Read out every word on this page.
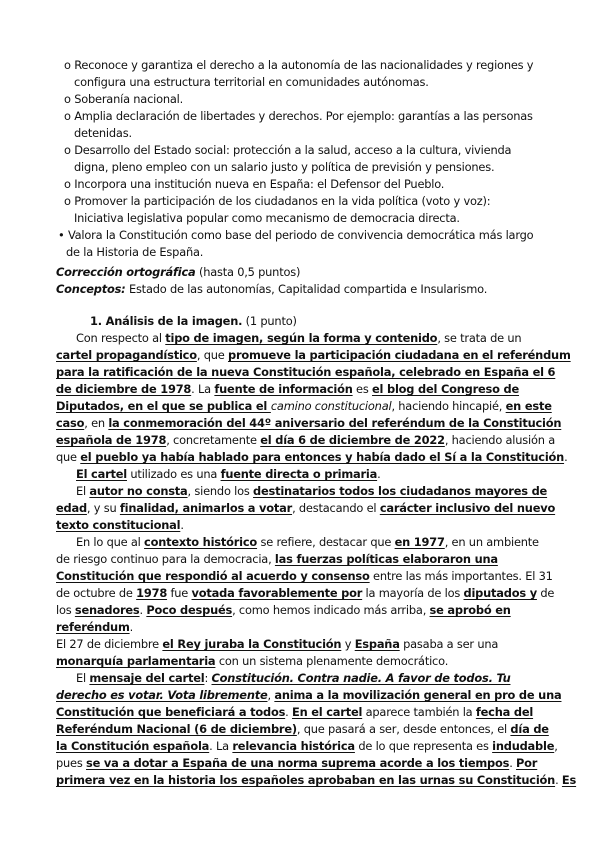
o Reconoce y garantiza el derecho a la autonomía de las nacionalidades y regiones y
configura una estructura territorial en comunidades autónomas.
o Soberanía nacional.
o Amplia declaración de libertades y derechos. Por ejemplo: garantías a las personas
detenidas.
o Desarrollo del Estado social: protección a la salud, acceso a la cultura, vivienda
digna, pleno empleo con un salario justo y política de previsión y pensiones.
o Incorpora una institución nueva en España: el Defensor del Pueblo.
o Promover la participación de los ciudadanos en la vida política (voto y voz):
Iniciativa legislativa popular como mecanismo de democracia directa.
• Valora la Constitución como base del periodo de convivencia democrática más largo
de la Historia de España.
Corrección ortográfica (hasta 0,5 puntos)
Conceptos: Estado de las autonomías, Capitalidad compartida e Insularismo.
1. Análisis de la imagen. (1 punto)
Con respecto al tipo de imagen, según la forma y contenido, se trata de un
cartel propagandístico, que promueve la participación ciudadana en el referéndum
para la ratificación de la nueva Constitución española, celebrado en España el 6
de diciembre de 1978. La fuente de información es el blog del Congreso de
Diputados, en el que se publica el camino constitucional, haciendo hincapié, en este
caso, en la conmemoración del 44º aniversario del referéndum de la Constitución
española de 1978, concretamente el día 6 de diciembre de 2022, haciendo alusión a
que el pueblo ya había hablado para entonces y había dado el Sí a la Constitución.
El cartel utilizado es una fuente directa o primaria.
El autor no consta, siendo los destinatarios todos los ciudadanos mayores de
edad, y su finalidad, animarlos a votar, destacando el carácter inclusivo del nuevo
texto constitucional.
En lo que al contexto histórico se refiere, destacar que en 1977, en un ambiente
de riesgo continuo para la democracia, las fuerzas políticas elaboraron una
Constitución que respondió al acuerdo y consenso entre las más importantes. El 31
de octubre de 1978 fue votada favorablemente por la mayoría de los diputados y de
los senadores. Poco después, como hemos indicado más arriba, se aprobó en
referéndum.
El 27 de diciembre el Rey juraba la Constitución y España pasaba a ser una
monarquía parlamentaria con un sistema plenamente democrático.
El mensaje del cartel: Constitución. Contra nadie. A favor de todos. Tu
derecho es votar. Vota libremente, anima a la movilización general en pro de una
Constitución que beneficiará a todos. En el cartel aparece también la fecha del
Referéndum Nacional (6 de diciembre), que pasará a ser, desde entonces, el día de
la Constitución española. La relevancia histórica de lo que representa es indudable,
pues se va a dotar a España de una norma suprema acorde a los tiempos. Por
primera vez en la historia los españoles aprobaban en las urnas su Constitución. Es
